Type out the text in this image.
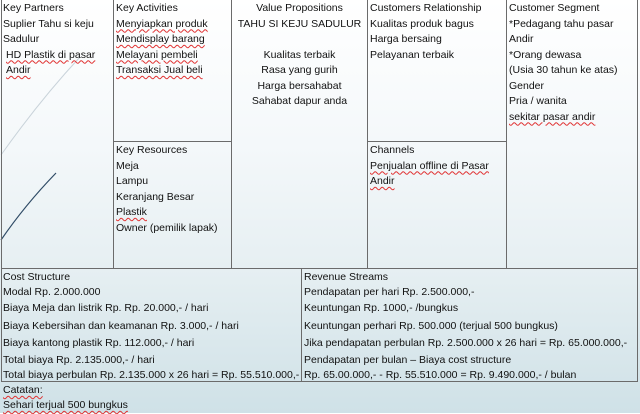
Key Partners
Suplier Tahu si keju
Sadulur
HD Plastik di pasar
Andir
Key Activities
Menyiapkan produk
Mendisplay barang
Melayani pembeli
Transaksi Jual beli
Key Resources
Meja
Lampu
Keranjang Besar
Plastik
Owner (pemilik lapak)
Value Propositions
TAHU SI KEJU SADULUR

Kualitas terbaik
Rasa yang gurih
Harga bersahabat
Sahabat dapur anda
Customers Relationship
Kualitas produk bagus
Harga bersaing
Pelayanan terbaik
Channels
Penjualan offline di Pasar
Andir
Customer Segment
*Pedagang tahu pasar
Andir
*Orang dewasa
(Usia 30 tahun ke atas)
Gender
Pria / wanita
sekitar pasar andir
Cost Structure
Modal Rp. 2.000.000
Biaya Meja dan listrik Rp. Rp. 20.000,- / hari
Biaya Kebersihan dan keamanan Rp. 3.000,- / hari
Biaya kantong plastik Rp. 112.000,- / hari
Total biaya Rp. 2.135.000,- / hari
Total biaya perbulan Rp. 2.135.000 x 26 hari = Rp. 55.510.000,-
Revenue Streams
Pendapatan per hari Rp. 2.500.000,-
Keuntungan Rp. 1000,- /bungkus
Keuntungan perhari Rp. 500.000 (terjual 500 bungkus)
Jika pendapatan perbulan Rp. 2.500.000 x 26 hari = Rp. 65.000.000,-
Pendapatan per bulan – Biaya cost structure
Rp. 65.00.000,- - Rp. 55.510.000 = Rp. 9.490.000,- / bulan
Catatan:
Sehari terjual 500 bungkus
